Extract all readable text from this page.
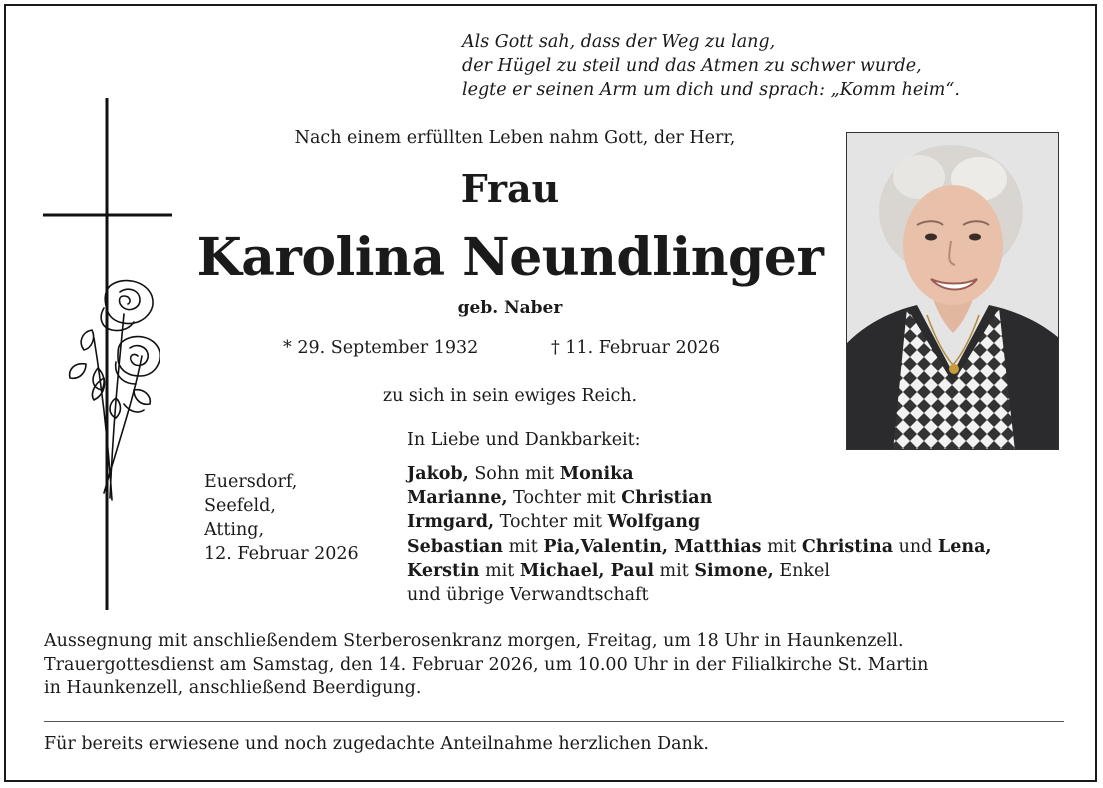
Als Gott sah, dass der Weg zu lang,
der Hügel zu steil und das Atmen zu schwer wurde,
legte er seinen Arm um dich und sprach: „Komm heim“.
Nach einem erfüllten Leben nahm Gott, der Herr,
Frau
Karolina Neundlinger
geb. Naber
* 29. September 1932	† 11. Februar 2026
zu sich in sein ewiges Reich.
Euersdorf,
Seefeld,
Atting,
12. Februar 2026
In Liebe und Dankbarkeit:
Jakob, Sohn mit Monika
Marianne, Tochter mit Christian
Irmgard, Tochter mit Wolfgang
Sebastian mit Pia,Valentin, Matthias mit Christina und Lena,
Kerstin mit Michael, Paul mit Simone, Enkel
und übrige Verwandtschaft
Aussegnung mit anschließendem Sterberosenkranz morgen, Freitag, um 18 Uhr in Haunkenzell.
Trauergottesdienst am Samstag, den 14. Februar 2026, um 10.00 Uhr in der Filialkirche St. Martin
in Haunkenzell, anschließend Beerdigung.
Für bereits erwiesene und noch zugedachte Anteilnahme herzlichen Dank.
